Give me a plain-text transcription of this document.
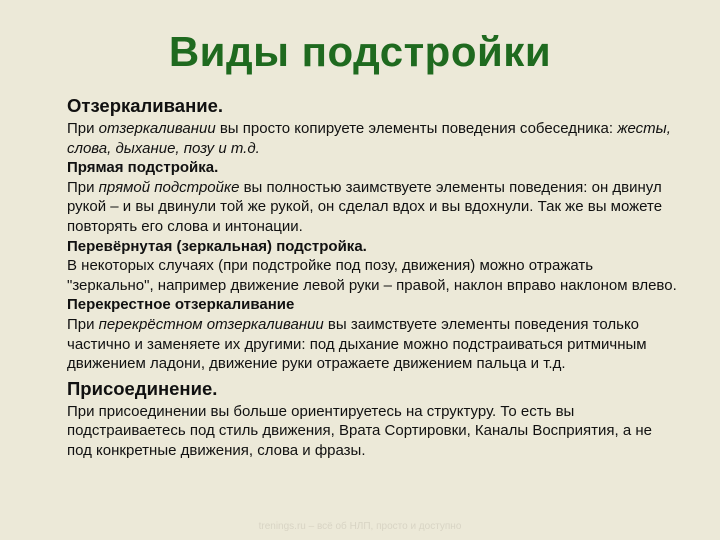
Виды подстройки
Отзеркаливание.

При отзеркаливании вы просто копируете элементы поведения собеседника: жесты, слова, дыхание, позу и т.д.

Прямая подстройка.

При прямой подстройке вы полностью заимствуете элементы поведения: он двинул рукой – и вы двинули той же рукой, он сделал вдох и вы вдохнули. Так же вы можете повторять его слова и интонации.

Перевёрнутая (зеркальная) подстройка.

В некоторых случаях (при подстройке под позу, движения) можно отражать "зеркально", например движение левой руки – правой, наклон вправо наклоном влево.

Перекрестное отзеркаливание

При перекрёстном отзеркаливании вы заимствуете элементы поведения только частично и заменяете их другими: под дыхание можно подстраиваться ритмичным движением ладони, движение руки отражаете движением пальца и т.д.

Присоединение.

При присоединении вы больше ориентируетесь на структуру. То есть вы подстраиваетесь под стиль движения, Врата Сортировки, Каналы Восприятия, а не под конкретные движения, слова и фразы.

trenings.ru – всё об НЛП, просто и доступно
